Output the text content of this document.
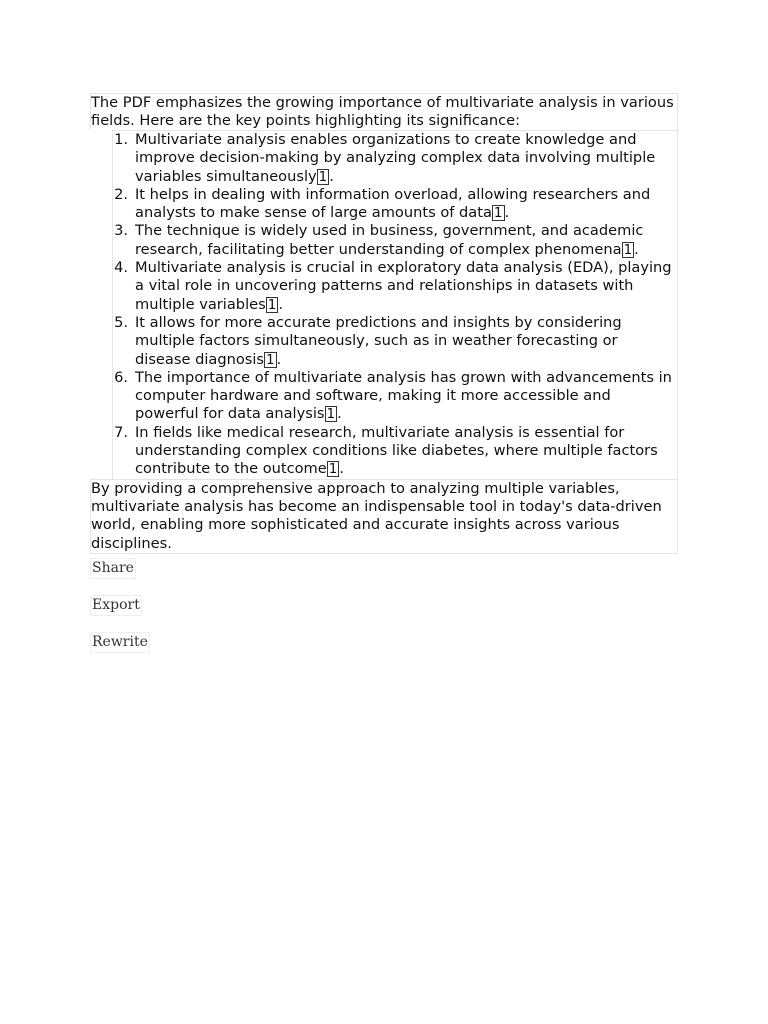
The PDF emphasizes the growing importance of multivariate analysis in various fields. Here are the key points highlighting its significance:
1. Multivariate analysis enables organizations to create knowledge and improve decision-making by analyzing complex data involving multiple variables simultaneously 1 .
2. It helps in dealing with information overload, allowing researchers and analysts to make sense of large amounts of data 1 .
3. The technique is widely used in business, government, and academic research, facilitating better understanding of complex phenomena 1 .
4. Multivariate analysis is crucial in exploratory data analysis (EDA), playing a vital role in uncovering patterns and relationships in datasets with multiple variables 1 .
5. It allows for more accurate predictions and insights by considering multiple factors simultaneously, such as in weather forecasting or disease diagnosis 1 .
6. The importance of multivariate analysis has grown with advancements in computer hardware and software, making it more accessible and powerful for data analysis 1 .
7. In fields like medical research, multivariate analysis is essential for understanding complex conditions like diabetes, where multiple factors contribute to the outcome 1 .
By providing a comprehensive approach to analyzing multiple variables, multivariate analysis has become an indispensable tool in today's data-driven world, enabling more sophisticated and accurate insights across various disciplines.
Share
Export
Rewrite
